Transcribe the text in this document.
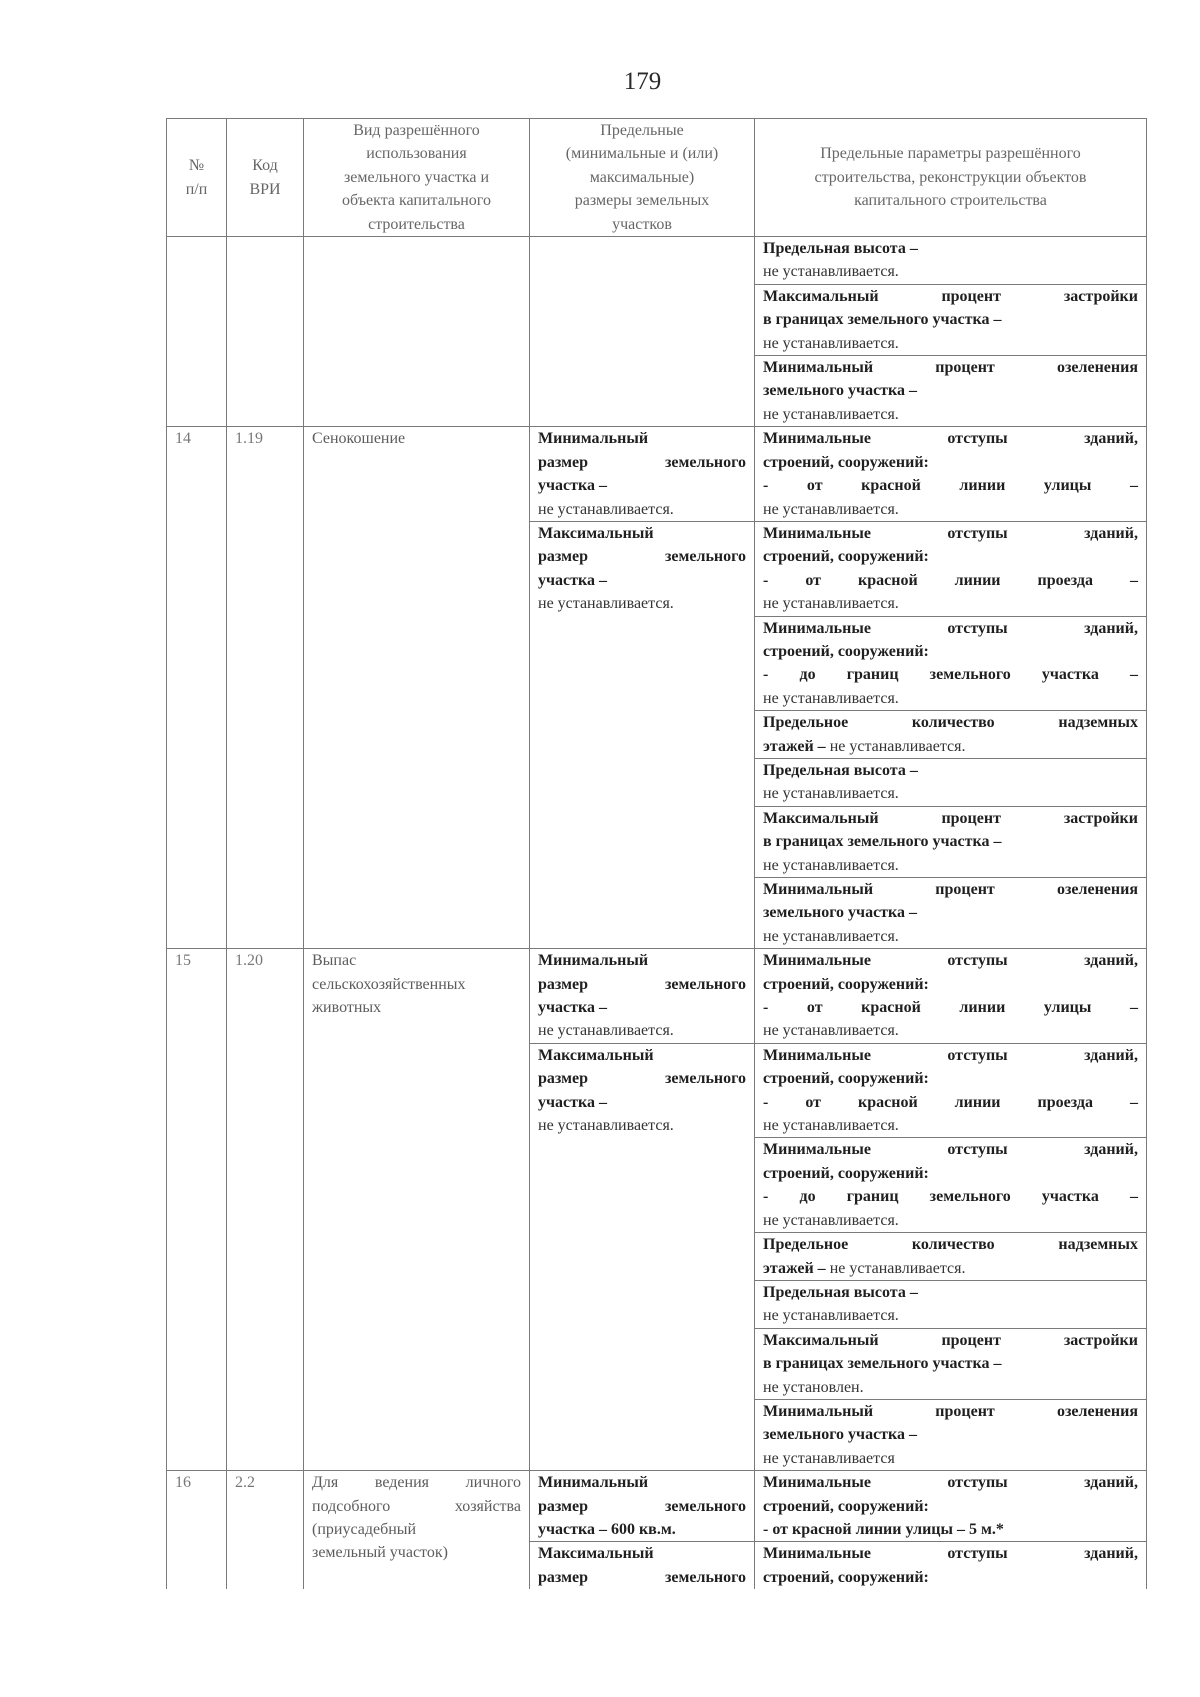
179
№
п/п	Код
ВРИ	Вид разрешённого
использования
земельного участка и
объекта капитального
строительства	Предельные
(минимальные и (или)
максимальные)
размеры земельных
участков	Предельные параметры разрешённого
строительства, реконструкции объектов
капитального строительства

				Предельная высота –
не устанавливается.

				Максимальный процент застройки
в границах земельного участка –
не устанавливается.

				Минимальный процент озеленения
земельного участка –
не устанавливается.

14	1.19	Сенокошение	Минимальный
размер земельного
участка –
не устанавливается.	Минимальные отступы зданий,
строений, сооружений:
- от красной линии улицы –
не устанавливается.

			Максимальный
размер земельного
участка –
не устанавливается.	Минимальные отступы зданий,
строений, сооружений:
- от красной линии проезда –
не устанавливается.

				Минимальные отступы зданий,
строений, сооружений:
- до границ земельного участка –
не устанавливается.

				Предельное количество надземных
этажей – не устанавливается.

				Предельная высота –
не устанавливается.

				Максимальный процент застройки
в границах земельного участка –
не устанавливается.

				Минимальный процент озеленения
земельного участка –
не устанавливается.

15	1.20	Выпас
сельскохозяйственных
животных	Минимальный
размер земельного
участка –
не устанавливается.	Минимальные отступы зданий,
строений, сооружений:
- от красной линии улицы –
не устанавливается.

			Максимальный
размер земельного
участка –
не устанавливается.	Минимальные отступы зданий,
строений, сооружений:
- от красной линии проезда –
не устанавливается.

				Минимальные отступы зданий,
строений, сооружений:
- до границ земельного участка –
не устанавливается.

				Предельное количество надземных
этажей – не устанавливается.

				Предельная высота –
не устанавливается.

				Максимальный процент застройки
в границах земельного участка –
не установлен.

				Минимальный процент озеленения
земельного участка –
не устанавливается

16	2.2	Для ведения личного
подсобного хозяйства
(приусадебный
земельный участок)	Минимальный
размер земельного
участка – 600 кв.м.	Минимальные отступы зданий,
строений, сооружений:
- от красной линии улицы – 5 м.*

			Максимальный
размер земельного	Минимальные отступы зданий,
строений, сооружений:
